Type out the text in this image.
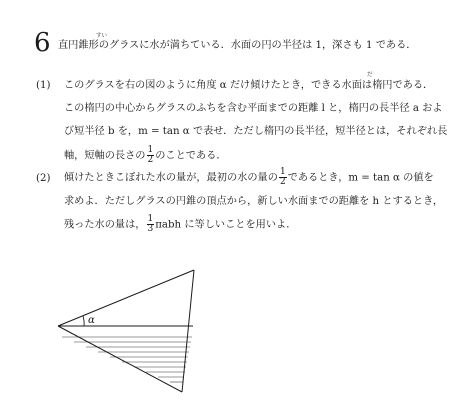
6	すい
直円錐形のグラスに水が満ちている．水面の円の半径は 1，深さも 1 である．
(1)
だ
このグラスを右の図のように角度 α だけ傾けたとき，できる水面は楕円である．
この楕円の中心からグラスのふちを含む平面までの距離 l と，楕円の長半径 a およ
び短半径 b を，m = tan α で表せ．ただし楕円の長半径，短半径とは，それぞれ長
軸，短軸の長さの $\frac{1}{2}$ のことである．
(2) 傾けたときこぼれた水の量が，最初の水の量の $\frac{1}{2}$ であるとき，m = tan α の値を
求めよ．ただしグラスの円錐の頂点から，新しい水面までの距離を h とするとき，
残った水の量は， $\frac{1}{3}$ πabh に等しいことを用いよ．
α
